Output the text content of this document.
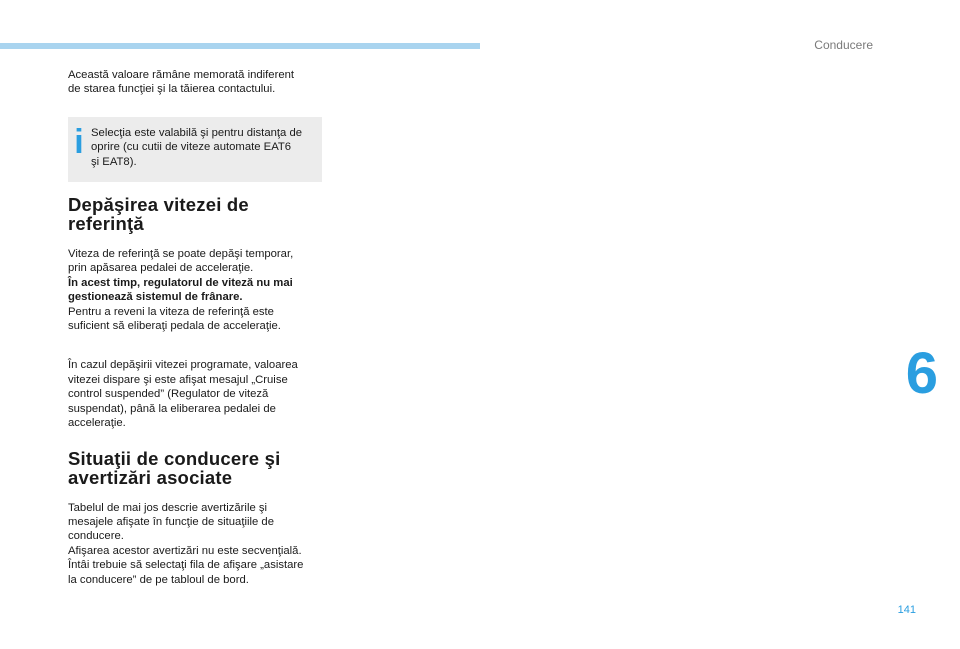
Conducere
6
141

Această valoare rămâne memorată indiferent
de starea funcţiei şi la tăierea contactului.

i Selecţia este valabilă şi pentru distanţa de
oprire (cu cutii de viteze automate EAT6
şi EAT8).

Depăşirea vitezei de
referinţă

Viteza de referinţă se poate depăşi temporar,
prin apăsarea pedalei de acceleraţie.
În acest timp, regulatorul de viteză nu mai
gestionează sistemul de frânare.
Pentru a reveni la viteza de referinţă este
suficient să eliberaţi pedala de acceleraţie.

În cazul depăşirii vitezei programate, valoarea
vitezei dispare şi este afişat mesajul „Cruise
control suspended” (Regulator de viteză
suspendat), până la eliberarea pedalei de
acceleraţie.

Situaţii de conducere şi
avertizări asociate

Tabelul de mai jos descrie avertizările şi
mesajele afişate în funcţie de situaţiile de
conducere.
Afişarea acestor avertizări nu este secvenţială.
Întâi trebuie să selectaţi fila de afişare „asistare
la conducere” de pe tabloul de bord.
